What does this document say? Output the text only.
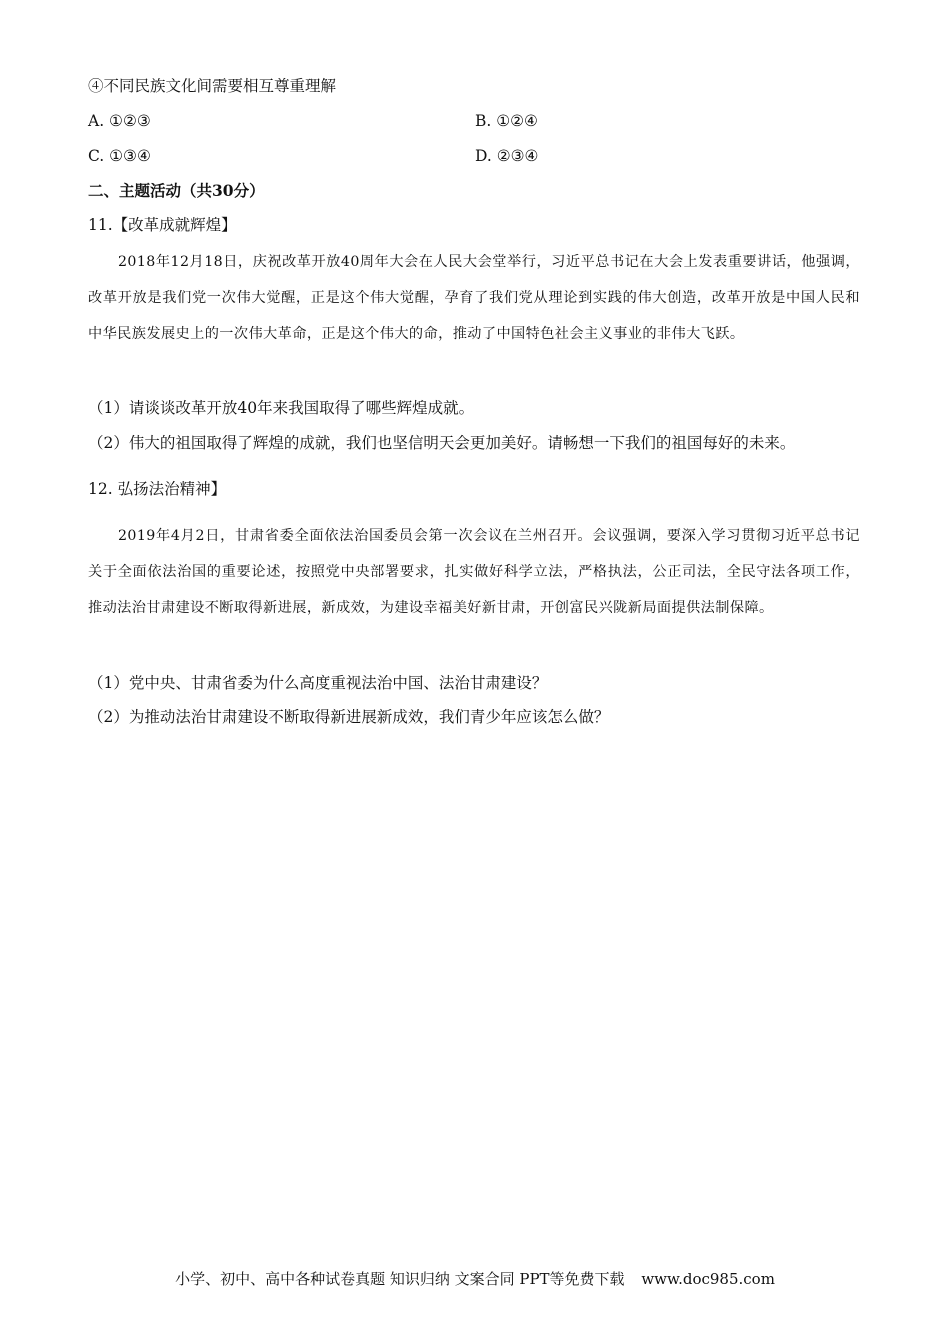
④不同民族文化间需要相互尊重理解
A. ①②③	B. ①②④
C. ①③④	D. ②③④
二、主题活动（共30分）
11.【改革成就辉煌】
2018年12月18日，庆祝改革开放40周年大会在人民大会堂举行，习近平总书记在大会上发表重要讲话，他强调，改革开放是我们党一次伟大觉醒，正是这个伟大觉醒，孕育了我们党从理论到实践的伟大创造，改革开放是中国人民和中华民族发展史上的一次伟大革命，正是这个伟大的命，推动了中国特色社会主义事业的非伟大飞跃。
（1）请谈谈改革开放40年来我国取得了哪些辉煌成就。
（2）伟大的祖国取得了辉煌的成就，我们也坚信明天会更加美好。请畅想一下我们的祖国每好的未来。
12. 弘扬法治精神】
2019年4月2日，甘肃省委全面依法治国委员会第一次会议在兰州召开。会议强调，要深入学习贯彻习近平总书记关于全面依法治国的重要论述，按照党中央部署要求，扎实做好科学立法，严格执法，公正司法，全民守法各项工作，推动法治甘肃建设不断取得新进展，新成效，为建设幸福美好新甘肃，开创富民兴陇新局面提供法制保障。
（1）党中央、甘肃省委为什么高度重视法治中国、法治甘肃建设？
（2）为推动法治甘肃建设不断取得新进展新成效，我们青少年应该怎么做？
小学、初中、高中各种试卷真题 知识归纳 文案合同 PPT等免费下载 www.doc985.com
